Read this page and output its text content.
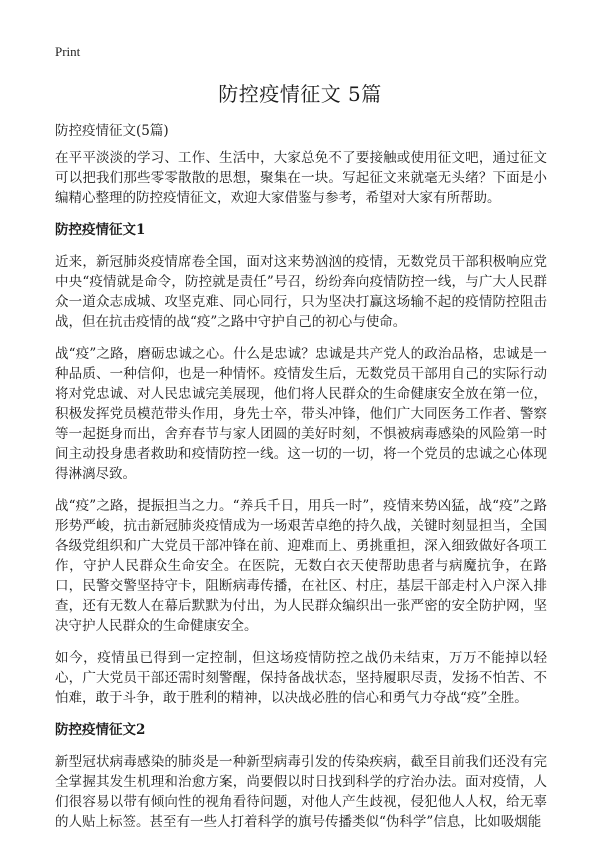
Print
防控疫情征文 5篇
防控疫情征文(5篇)

在平平淡淡的学习、工作、生活中，大家总免不了要接触或使用征文吧，通过征文可以把我们那些零零散散的思想，聚集在一块。写起征文来就毫无头绪？下面是小编精心整理的防控疫情征文，欢迎大家借鉴与参考，希望对大家有所帮助。

防控疫情征文1

近来，新冠肺炎疫情席卷全国，面对这来势汹汹的疫情，无数党员干部积极响应党中央“疫情就是命令，防控就是责任”号召，纷纷奔向疫情防控一线，与广大人民群众一道众志成城、攻坚克难、同心同行，只为坚决打赢这场输不起的疫情防控阻击战，但在抗击疫情的战“疫”之路中守护自己的初心与使命。

战“疫”之路，磨砺忠诚之心。什么是忠诚？忠诚是共产党人的政治品格，忠诚是一种品质、一种信仰，也是一种情怀。疫情发生后，无数党员干部用自己的实际行动将对党忠诚、对人民忠诚完美展现，他们将人民群众的生命健康安全放在第一位，积极发挥党员模范带头作用，身先士卒，带头冲锋，他们广大同医务工作者、警察等一起挺身而出，舍弃春节与家人团圆的美好时刻，不惧被病毒感染的风险第一时间主动投身患者救助和疫情防控一线。这一切的一切，将一个党员的忠诚之心体现得淋漓尽致。

战“疫”之路，提振担当之力。“养兵千日，用兵一时”，疫情来势凶猛，战“疫”之路形势严峻，抗击新冠肺炎疫情成为一场艰苦卓绝的持久战，关键时刻显担当，全国各级党组织和广大党员干部冲锋在前、迎难而上、勇挑重担，深入细致做好各项工作，守护人民群众生命安全。在医院，无数白衣天使帮助患者与病魔抗争，在路口，民警交警坚持守卡，阻断病毒传播，在社区、村庄，基层干部走村入户深入排查，还有无数人在幕后默默为付出，为人民群众编织出一张严密的安全防护网，坚决守护人民群众的生命健康安全。

如今，疫情虽已得到一定控制，但这场疫情防控之战仍未结束，万万不能掉以轻心，广大党员干部还需时刻警醒，保持备战状态，坚持履职尽责，发扬不怕苦、不怕难，敢于斗争，敢于胜利的精神，以决战必胜的信心和勇气力夺战“疫”全胜。

防控疫情征文2

新型冠状病毒感染的肺炎是一种新型病毒引发的传染疾病，截至目前我们还没有完全掌握其发生机理和治愈方案，尚要假以时日找到科学的疗治办法。面对疫情，人们很容易以带有倾向性的视角看待问题，对他人产生歧视，侵犯他人人权，给无辜的人贴上标签。甚至有一些人打着科学的旗号传播类似“伪科学”信息，比如吸烟能
